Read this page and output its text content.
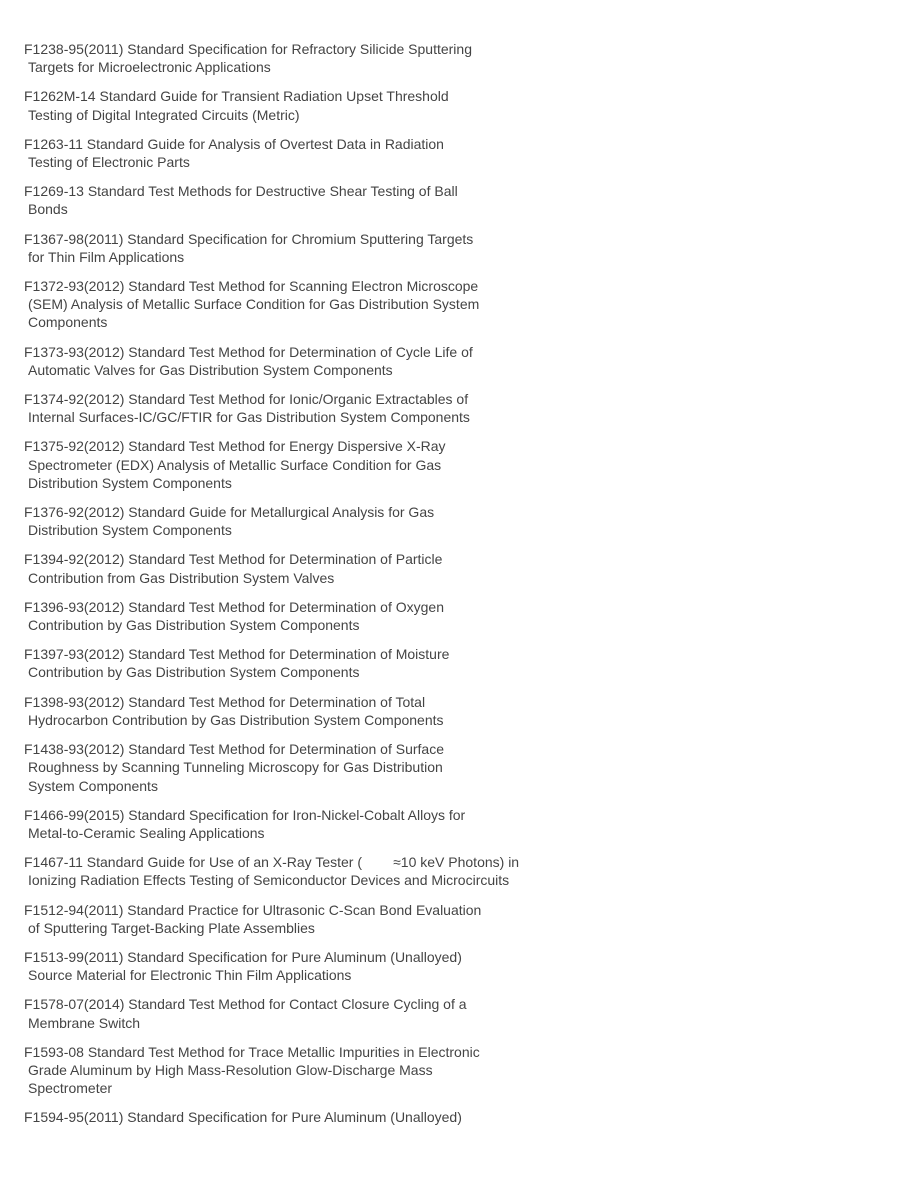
F1238-95(2011) Standard Specification for Refractory Silicide Sputtering
Targets for Microelectronic Applications
F1262M-14 Standard Guide for Transient Radiation Upset Threshold
Testing of Digital Integrated Circuits (Metric)
F1263-11 Standard Guide for Analysis of Overtest Data in Radiation
Testing of Electronic Parts
F1269-13 Standard Test Methods for Destructive Shear Testing of Ball
Bonds
F1367-98(2011) Standard Specification for Chromium Sputtering Targets
for Thin Film Applications
F1372-93(2012) Standard Test Method for Scanning Electron Microscope
(SEM) Analysis of Metallic Surface Condition for Gas Distribution System
Components
F1373-93(2012) Standard Test Method for Determination of Cycle Life of
Automatic Valves for Gas Distribution System Components
F1374-92(2012) Standard Test Method for Ionic/Organic Extractables of
Internal Surfaces-IC/GC/FTIR for Gas Distribution System Components
F1375-92(2012) Standard Test Method for Energy Dispersive X-Ray
Spectrometer (EDX) Analysis of Metallic Surface Condition for Gas
Distribution System Components
F1376-92(2012) Standard Guide for Metallurgical Analysis for Gas
Distribution System Components
F1394-92(2012) Standard Test Method for Determination of Particle
Contribution from Gas Distribution System Valves
F1396-93(2012) Standard Test Method for Determination of Oxygen
Contribution by Gas Distribution System Components
F1397-93(2012) Standard Test Method for Determination of Moisture
Contribution by Gas Distribution System Components
F1398-93(2012) Standard Test Method for Determination of Total
Hydrocarbon Contribution by Gas Distribution System Components
F1438-93(2012) Standard Test Method for Determination of Surface
Roughness by Scanning Tunneling Microscopy for Gas Distribution
System Components
F1466-99(2015) Standard Specification for Iron-Nickel-Cobalt Alloys for
Metal-to-Ceramic Sealing Applications
F1467-11 Standard Guide for Use of an X-Ray Tester (        ≈10 keV Photons) in
Ionizing Radiation Effects Testing of Semiconductor Devices and Microcircuits
F1512-94(2011) Standard Practice for Ultrasonic C-Scan Bond Evaluation
of Sputtering Target-Backing Plate Assemblies
F1513-99(2011) Standard Specification for Pure Aluminum (Unalloyed)
Source Material for Electronic Thin Film Applications
F1578-07(2014) Standard Test Method for Contact Closure Cycling of a
Membrane Switch
F1593-08 Standard Test Method for Trace Metallic Impurities in Electronic
Grade Aluminum by High Mass-Resolution Glow-Discharge Mass
Spectrometer
F1594-95(2011) Standard Specification for Pure Aluminum (Unalloyed)
